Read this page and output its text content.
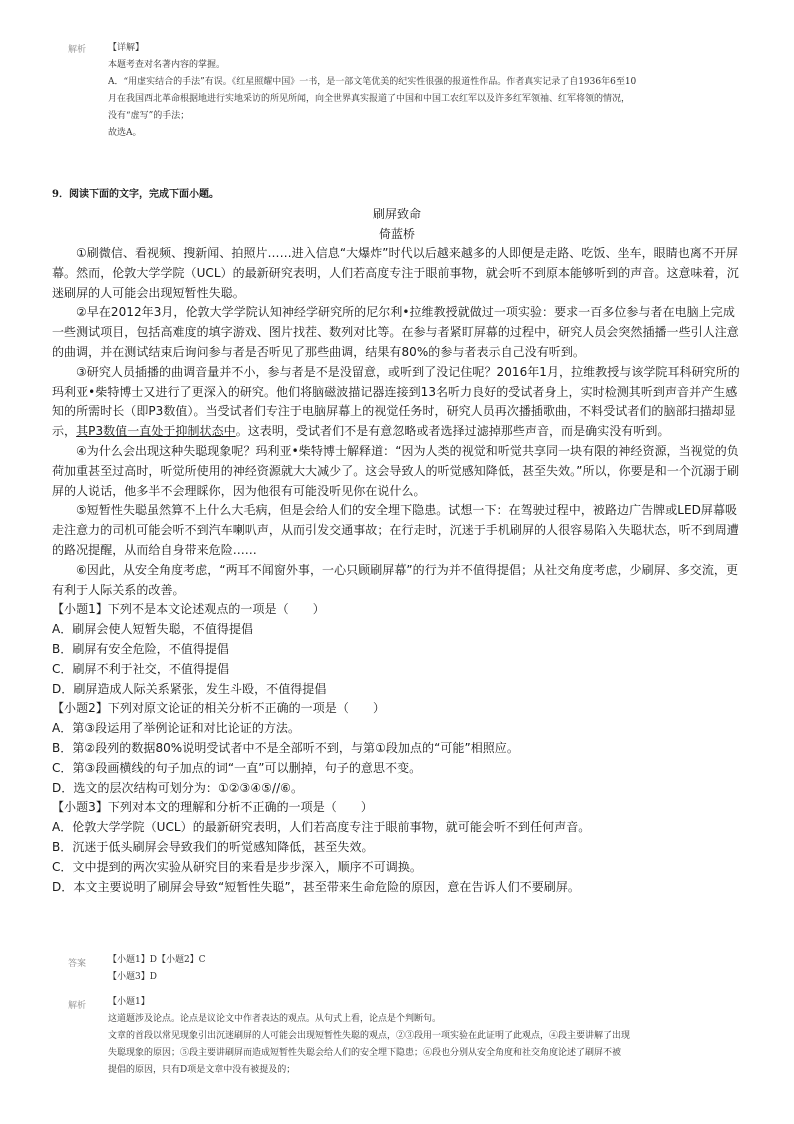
解析 【详解】
本题考查对名著内容的掌握。
A．“用虚实结合的手法”有误。《红星照耀中国》一书，是一部文笔优美的纪实性很强的报道性作品。作者真实记录了自1936年6至10
月在我国西北革命根据地进行实地采访的所见所闻，向全世界真实报道了中国和中国工农红军以及许多红军领袖、红军将领的情况，
没有“虚写”的手法；
故选A。
9．阅读下面的文字，完成下面小题。
刷屏致命
倚蓝桥

①刷微信、看视频、搜新闻、拍照片……进入信息“大爆炸”时代以后越来越多的人即便是走路、吃饭、坐车，眼睛也离不开屏幕。然而，伦敦大学学院（UCL）的最新研究表明，人们若高度专注于眼前事物，就会听不到原本能够听到的声音。这意味着，沉迷刷屏的人可能会出现短暂性失聪。

②早在2012年3月，伦敦大学学院认知神经学研究所的尼尔利•拉维教授就做过一项实验：要求一百多位参与者在电脑上完成一些测试项目，包括高难度的填字游戏、图片找茬、数列对比等。在参与者紧盯屏幕的过程中，研究人员会突然插播一些引人注意的曲调，并在测试结束后询问参与者是否听见了那些曲调，结果有80%的参与者表示自己没有听到。

③研究人员插播的曲调音量并不小，参与者是不是没留意，或听到了没记住呢？2016年1月，拉维教授与该学院耳科研究所的玛利亚•柴特博士又进行了更深入的研究。他们将脑磁波描记器连接到13名听力良好的受试者身上，实时检测其听到声音并产生感知的所需时长（即P3数值）。当受试者们专注于电脑屏幕上的视觉任务时，研究人员再次播插歌曲，不料受试者们的脑部扫描却显示，其P3数值一直处于抑制状态中。这表明，受试者们不是有意忽略或者选择过滤掉那些声音，而是确实没有听到。

④为什么会出现这种失聪现象呢？玛利亚•柴特博士解释道：“因为人类的视觉和听觉共享同一块有限的神经资源，当视觉的负荷加重甚至过高时，听觉所使用的神经资源就大大减少了。这会导致人的听觉感知降低，甚至失效。”所以，你要是和一个沉溺于刷屏的人说话，他多半不会理睬你，因为他很有可能没听见你在说什么。

⑤短暂性失聪虽然算不上什么大毛病，但是会给人们的安全埋下隐患。试想一下：在驾驶过程中，被路边广告牌或LED屏幕吸走注意力的司机可能会听不到汽车喇叭声，从而引发交通事故；在行走时，沉迷于手机刷屏的人很容易陷入失聪状态，听不到周遭的路况提醒，从而给自身带来危险……

⑥因此，从安全角度考虑，“两耳不闻窗外事，一心只顾刷屏幕”的行为并不值得提倡；从社交角度考虑，少刷屏、多交流，更有利于人际关系的改善。

【小题1】下列不是本文论述观点的一项是（　　）
A．刷屏会使人短暂失聪，不值得提倡
B．刷屏有安全危险，不值得提倡
C．刷屏不利于社交，不值得提倡
D．刷屏造成人际关系紧张，发生斗殴，不值得提倡
【小题2】下列对原文论证的相关分析不正确的一项是（　　）
A．第③段运用了举例论证和对比论证的方法。
B．第②段列的数据80%说明受试者中不是全部听不到，与第①段加点的“可能”相照应。
C．第③段画横线的句子加点的词“一直”可以删掉，句子的意思不变。
D．选文的层次结构可划分为：①②③④⑤//⑥。
【小题3】下列对本文的理解和分析不正确的一项是（　　）
A．伦敦大学学院（UCL）的最新研究表明，人们若高度专注于眼前事物，就可能会听不到任何声音。
B．沉迷于低头刷屏会导致我们的听觉感知降低，甚至失效。
C．文中提到的两次实验从研究目的来看是步步深入，顺序不可调换。
D．本文主要说明了刷屏会导致“短暂性失聪”，甚至带来生命危险的原因，意在告诉人们不要刷屏。
答案 【小题1】D【小题2】C
【小题3】D
解析 【小题1】
这道题涉及论点。论点是议论文中作者表达的观点。从句式上看，论点是个判断句。
文章的首段以常见现象引出沉迷刷屏的人可能会出现短暂性失聪的观点，②③段用一项实验在此证明了此观点，④段主要讲解了出现
失聪现象的原因；⑤段主要讲刷屏而造成短暂性失聪会给人们的安全埋下隐患；⑥段也分别从安全角度和社交角度论述了刷屏不被
提倡的原因，只有D项是文章中没有被提及的；
